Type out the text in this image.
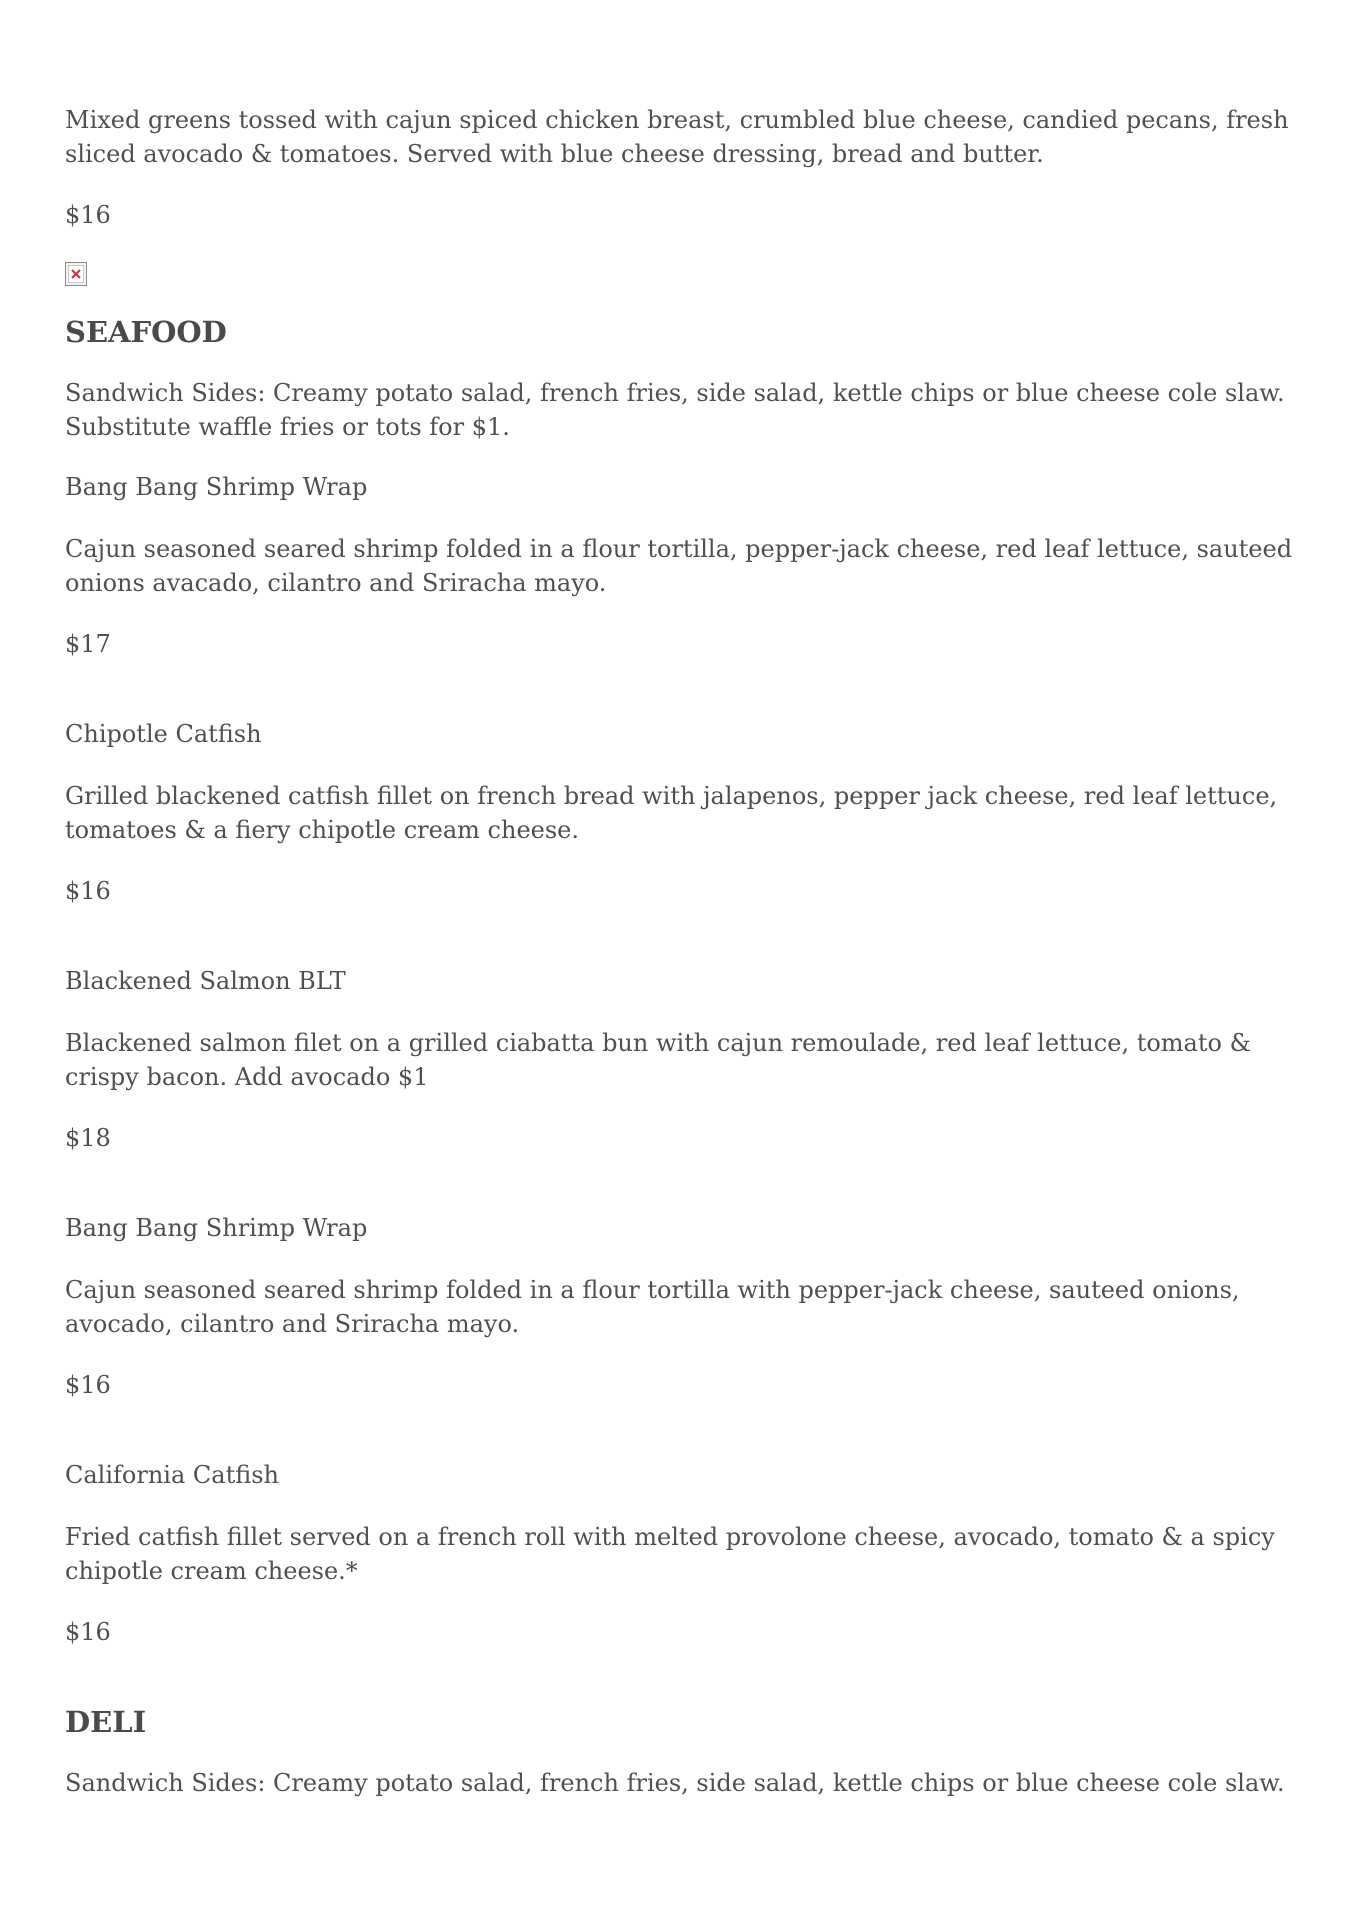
Mixed greens tossed with cajun spiced chicken breast, crumbled blue cheese, candied pecans, fresh sliced avocado & tomatoes. Served with blue cheese dressing, bread and butter.

$16

SEAFOOD

Sandwich Sides: Creamy potato salad, french fries, side salad, kettle chips or blue cheese cole slaw. Substitute waffle fries or tots for $1.

Bang Bang Shrimp Wrap

Cajun seasoned seared shrimp folded in a flour tortilla, pepper-jack cheese, red leaf lettuce, sauteed onions avacado, cilantro and Sriracha mayo.

$17

Chipotle Catfish

Grilled blackened catfish fillet on french bread with jalapenos, pepper jack cheese, red leaf lettuce, tomatoes & a fiery chipotle cream cheese.

$16

Blackened Salmon BLT

Blackened salmon filet on a grilled ciabatta bun with cajun remoulade, red leaf lettuce, tomato & crispy bacon. Add avocado $1

$18

Bang Bang Shrimp Wrap

Cajun seasoned seared shrimp folded in a flour tortilla with pepper-jack cheese, sauteed onions, avocado, cilantro and Sriracha mayo.

$16

California Catfish

Fried catfish fillet served on a french roll with melted provolone cheese, avocado, tomato & a spicy chipotle cream cheese.*

$16

DELI

Sandwich Sides: Creamy potato salad, french fries, side salad, kettle chips or blue cheese cole slaw.
